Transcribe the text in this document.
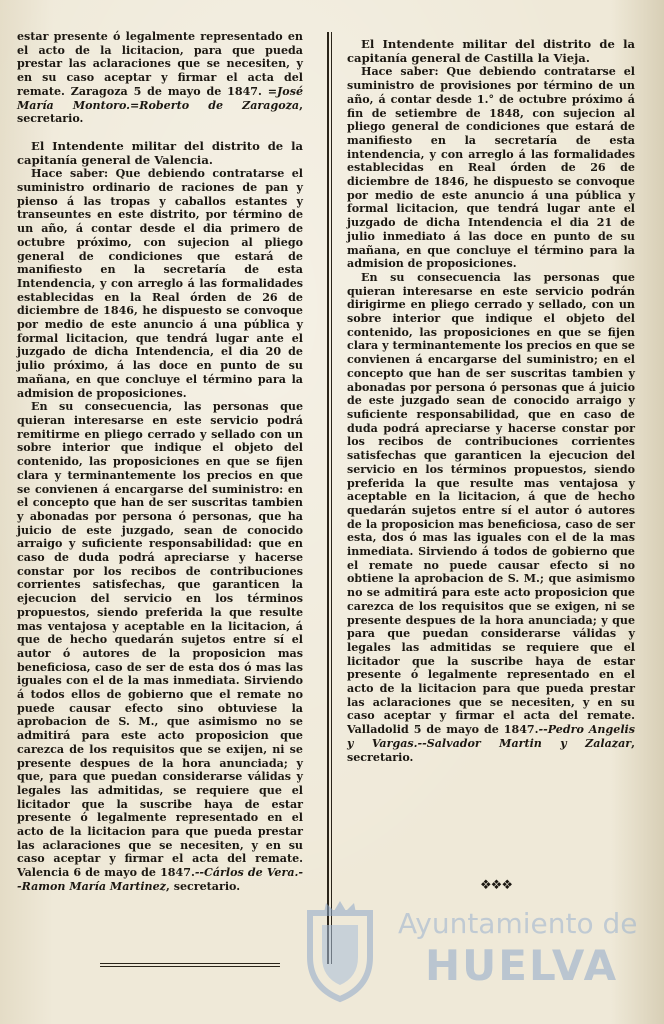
estar presente ó legalmente representado en el acto de la licitacion, para que pueda prestar las aclaraciones que se necesiten, y en su caso aceptar y firmar el acta del remate. Zaragoza 5 de mayo de 1847. =José María Montoro.=Roberto de Zaragoza, secretario.

El Intendente militar del distrito de la capitanía general de Valencia.

Hace saber: Que debiendo contratarse el suministro ordinario de raciones de pan y pienso á las tropas y caballos estantes y transeuntes en este distrito, por término de un año, á contar desde el dia primero de octubre próximo, con sujecion al pliego general de condiciones que estará de manifiesto en la secretaría de esta Intendencia, y con arreglo á las formalidades establecidas en la Real órden de 26 de diciembre de 1846, he dispuesto se convoque por medio de este anuncio á una pública y formal licitacion, que tendrá lugar ante el juzgado de dicha Intendencia, el dia 20 de julio próximo, á las doce en punto de su mañana, en que concluye el término para la admision de proposiciones.

En su consecuencia, las personas que quieran interesarse en este servicio podrá remitirme en pliego cerrado y sellado con un sobre interior que indique el objeto del contenido, las proposiciones en que se fijen clara y terminantemente los precios en que se convienen á encargarse del suministro: en el concepto que han de ser suscritas tambien y abonadas por persona ó personas, que ha juicio de este juzgado, sean de conocido arraigo y suficiente responsabilidad: que en caso de duda podrá apreciarse y hacerse constar por los recibos de contribuciones corrientes satisfechas, que garanticen la ejecucion del servicio en los términos propuestos, siendo preferida la que resulte mas ventajosa y aceptable en la licitacion, á que de hecho quedarán sujetos entre sí el autor ó autores de la proposicion mas beneficiosa, caso de ser de esta dos ó mas las iguales con el de la mas inmediata. Sirviendo á todos ellos de gobierno que el remate no puede causar efecto sino obtuviese la aprobacion de S. M., que asimismo no se admitirá para este acto proposicion que carezca de los requisitos que se exijen, ni se presente despues de la hora anunciada; y que, para que puedan considerarse válidas y legales las admitidas, se requiere que el licitador que la suscribe haya de estar presente ó legalmente representado en el acto de la licitacion para que pueda prestar las aclaraciones que se necesiten, y en su caso aceptar y firmar el acta del remate. Valencia 6 de mayo de 1847.--Cárlos de Vera.--Ramon María Martinez, secretario.

El Intendente militar del distrito de la capitanía general de Castilla la Vieja.

Hace saber: Que debiendo contratarse el suministro de provisiones por término de un año, á contar desde 1.° de octubre próximo á fin de setiembre de 1848, con sujecion al pliego general de condiciones que estará de manifiesto en la secretaría de esta intendencia, y con arreglo á las formalidades establecidas en Real órden de 26 de diciembre de 1846, he dispuesto se convoque por medio de este anuncio á una pública y formal licitacion, que tendrá lugar ante el juzgado de dicha Intendencia el dia 21 de julio inmediato á las doce en punto de su mañana, en que concluye el término para la admision de proposiciones.

En su consecuencia las personas que quieran interesarse en este servicio podrán dirigirme en pliego cerrado y sellado, con un sobre interior que indique el objeto del contenido, las proposiciones en que se fijen clara y terminantemente los precios en que se convienen á encargarse del suministro; en el concepto que han de ser suscritas tambien y abonadas por persona ó personas que á juicio de este juzgado sean de conocido arraigo y suficiente responsabilidad, que en caso de duda podrá apreciarse y hacerse constar por los recibos de contribuciones corrientes satisfechas que garanticen la ejecucion del servicio en los términos propuestos, siendo preferida la que resulte mas ventajosa y aceptable en la licitacion, á que de hecho quedarán sujetos entre sí el autor ó autores de la proposicion mas beneficiosa, caso de ser esta, dos ó mas las iguales con el de la mas inmediata. Sirviendo á todos de gobierno que el remate no puede causar efecto si no obtiene la aprobacion de S. M.; que asimismo no se admitirá para este acto proposicion que carezca de los requisitos que se exigen, ni se presente despues de la hora anunciada; y que para que puedan considerarse válidas y legales las admitidas se requiere que el licitador que la suscribe haya de estar presente ó legalmente representado en el acto de la licitacion para que pueda prestar las aclaraciones que se necesiten, y en su caso aceptar y firmar el acta del remate. Valladolid 5 de mayo de 1847.--Pedro Angelis y Vargas.--Salvador Martin y Zalazar, secretario.

❖❖❖
Ayuntamiento de
HUELVA
